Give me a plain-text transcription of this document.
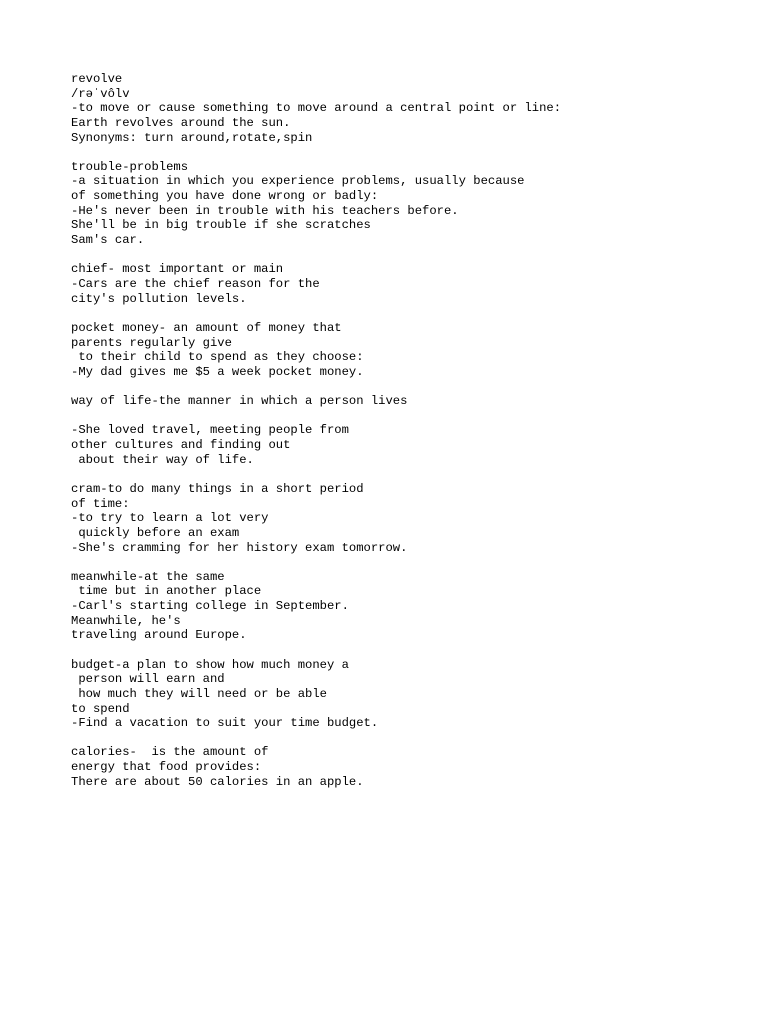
revolve
/rəˈvôlv
-to move or cause something to move around a central point or line:
Earth revolves around the sun.
Synonyms: turn around,rotate,spin
trouble-problems
-a situation in which you experience problems, usually because
of something you have done wrong or badly:
-He's never been in trouble with his teachers before.
She'll be in big trouble if she scratches
Sam's car.
chief- most important or main
-Cars are the chief reason for the
city's pollution levels.
pocket money- an amount of money that
parents regularly give
to their child to spend as they choose:
-My dad gives me $5 a week pocket money.
way of life-the manner in which a person lives
-She loved travel, meeting people from
other cultures and finding out
about their way of life.
cram-to do many things in a short period
of time:
-to try to learn a lot very
quickly before an exam
-She's cramming for her history exam tomorrow.
meanwhile-at the same
time but in another place
-Carl's starting college in September.
Meanwhile, he's
traveling around Europe.
budget-a plan to show how much money a
person will earn and
how much they will need or be able
to spend
-Find a vacation to suit your time budget.
calories-  is the amount of
energy that food provides:
There are about 50 calories in an apple.
